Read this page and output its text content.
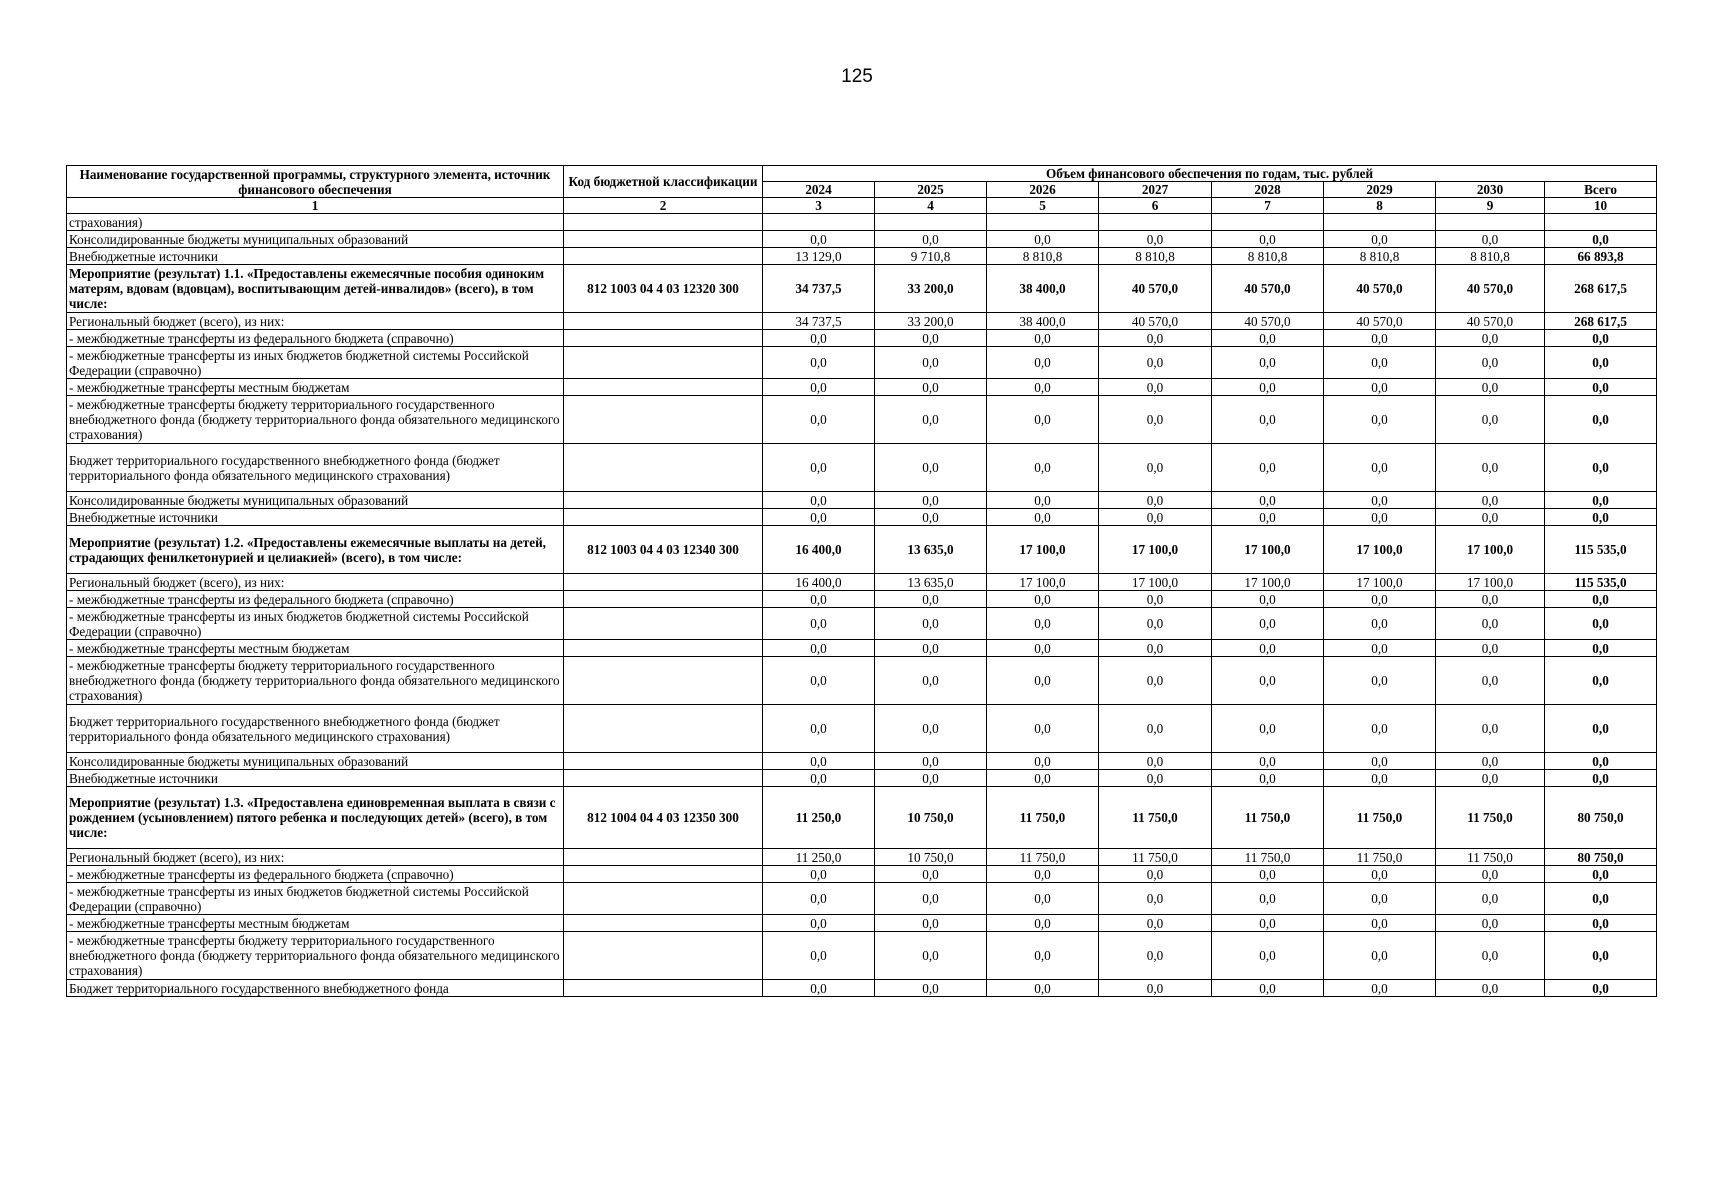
125
Наименование государственной программы, структурного элемента, источник финансового обеспечения	Код бюджетной классификации	Объем финансового обеспечения по годам, тыс. рублей							
		2024	2025	2026	2027	2028	2029	2030	Всего
1	2	3	4	5	6	7	8	9	10
страхования)									
Консолидированные бюджеты муниципальных образований		0,0	0,0	0,0	0,0	0,0	0,0	0,0	0,0
Внебюджетные источники		13 129,0	9 710,8	8 810,8	8 810,8	8 810,8	8 810,8	8 810,8	66 893,8
Мероприятие (результат) 1.1. «Предоставлены ежемесячные пособия одиноким матерям, вдовам (вдовцам), воспитывающим детей-инвалидов» (всего), в том числе:	812 1003 04 4 03 12320 300	34 737,5	33 200,0	38 400,0	40 570,0	40 570,0	40 570,0	40 570,0	268 617,5
Региональный бюджет (всего), из них:		34 737,5	33 200,0	38 400,0	40 570,0	40 570,0	40 570,0	40 570,0	268 617,5
- межбюджетные трансферты из федерального бюджета (справочно)		0,0	0,0	0,0	0,0	0,0	0,0	0,0	0,0
- межбюджетные трансферты из иных бюджетов бюджетной системы Российской Федерации (справочно)		0,0	0,0	0,0	0,0	0,0	0,0	0,0	0,0
- межбюджетные трансферты местным бюджетам		0,0	0,0	0,0	0,0	0,0	0,0	0,0	0,0
- межбюджетные трансферты бюджету территориального государственного внебюджетного фонда (бюджету территориального фонда обязательного медицинского страхования)		0,0	0,0	0,0	0,0	0,0	0,0	0,0	0,0
Бюджет территориального государственного внебюджетного фонда (бюджет территориального фонда обязательного медицинского страхования)		0,0	0,0	0,0	0,0	0,0	0,0	0,0	0,0
Консолидированные бюджеты муниципальных образований		0,0	0,0	0,0	0,0	0,0	0,0	0,0	0,0
Внебюджетные источники		0,0	0,0	0,0	0,0	0,0	0,0	0,0	0,0
Мероприятие (результат) 1.2. «Предоставлены ежемесячные выплаты на детей, страдающих фенилкетонурией и целиакией» (всего), в том числе:	812 1003 04 4 03 12340 300	16 400,0	13 635,0	17 100,0	17 100,0	17 100,0	17 100,0	17 100,0	115 535,0
Региональный бюджет (всего), из них:		16 400,0	13 635,0	17 100,0	17 100,0	17 100,0	17 100,0	17 100,0	115 535,0
- межбюджетные трансферты из федерального бюджета (справочно)		0,0	0,0	0,0	0,0	0,0	0,0	0,0	0,0
- межбюджетные трансферты из иных бюджетов бюджетной системы Российской Федерации (справочно)		0,0	0,0	0,0	0,0	0,0	0,0	0,0	0,0
- межбюджетные трансферты местным бюджетам		0,0	0,0	0,0	0,0	0,0	0,0	0,0	0,0
- межбюджетные трансферты бюджету территориального государственного внебюджетного фонда (бюджету территориального фонда обязательного медицинского страхования)		0,0	0,0	0,0	0,0	0,0	0,0	0,0	0,0
Бюджет территориального государственного внебюджетного фонда (бюджет территориального фонда обязательного медицинского страхования)		0,0	0,0	0,0	0,0	0,0	0,0	0,0	0,0
Консолидированные бюджеты муниципальных образований		0,0	0,0	0,0	0,0	0,0	0,0	0,0	0,0
Внебюджетные источники		0,0	0,0	0,0	0,0	0,0	0,0	0,0	0,0
Мероприятие (результат) 1.3. «Предоставлена единовременная выплата в связи с рождением (усыновлением) пятого ребенка и последующих детей» (всего), в том числе:	812 1004 04 4 03 12350 300	11 250,0	10 750,0	11 750,0	11 750,0	11 750,0	11 750,0	11 750,0	80 750,0
Региональный бюджет (всего), из них:		11 250,0	10 750,0	11 750,0	11 750,0	11 750,0	11 750,0	11 750,0	80 750,0
- межбюджетные трансферты из федерального бюджета (справочно)		0,0	0,0	0,0	0,0	0,0	0,0	0,0	0,0
- межбюджетные трансферты из иных бюджетов бюджетной системы Российской Федерации (справочно)		0,0	0,0	0,0	0,0	0,0	0,0	0,0	0,0
- межбюджетные трансферты местным бюджетам		0,0	0,0	0,0	0,0	0,0	0,0	0,0	0,0
- межбюджетные трансферты бюджету территориального государственного внебюджетного фонда (бюджету территориального фонда обязательного медицинского страхования)		0,0	0,0	0,0	0,0	0,0	0,0	0,0	0,0
Бюджет территориального государственного внебюджетного фонда		0,0	0,0	0,0	0,0	0,0	0,0	0,0	0,0
